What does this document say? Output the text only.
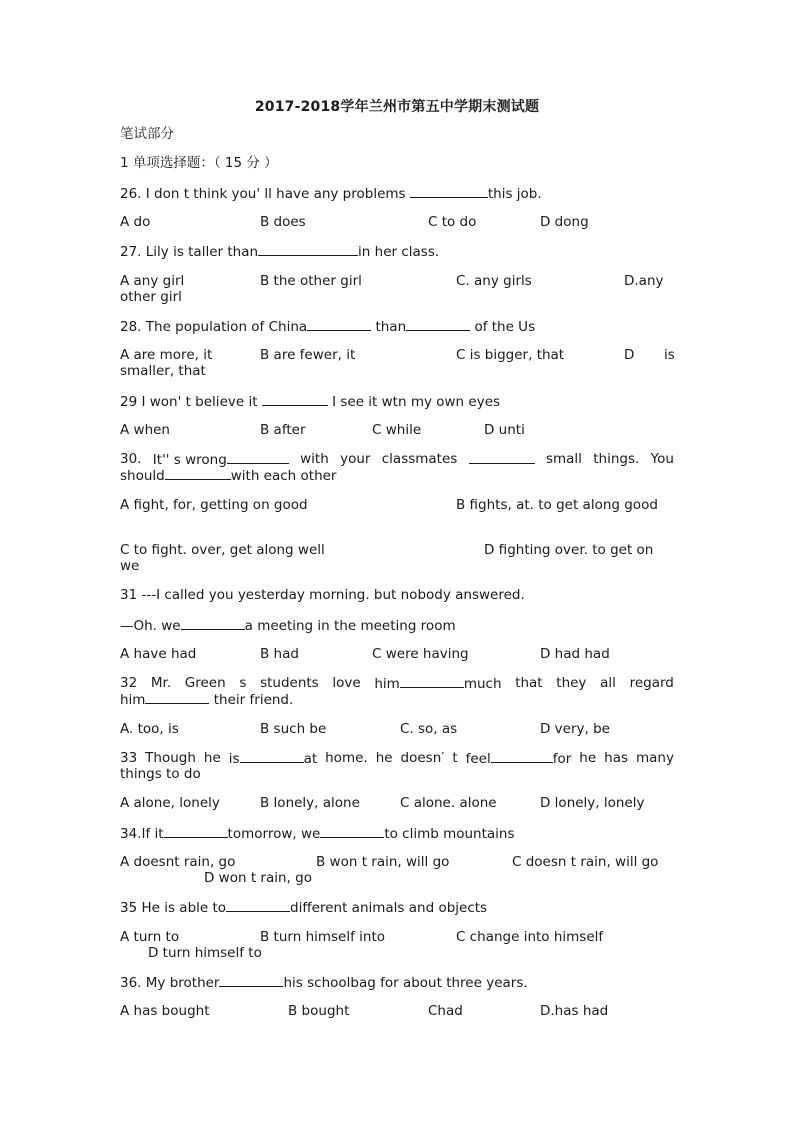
2017-2018学年兰州市第五中学期末测试题
笔试部分
1 单项选择题：（ 15 分 ）
26. I don t think you' ll have any problems	this job.
A do	B does	C to do	D dong
27. Lily is taller than	in her class.
A any girl	B the other girl	C. any girls	D.any
other girl
28. The population of China	than	of the Us
A are more, it	B are fewer, it	C is bigger, that	D is
smaller, that
29 I won' t believe it	I see it wtn my own eyes
A when	B after	C while	D unti
30. It'' s wrong	with your classmates	small things. You
should	with each other
A fight, for, getting on good	B fights, at. to get along good
C to fight. over, get along well	D fighting over. to get on
we
31 ---I called you yesterday morning. but nobody answered.
—Oh. we	a meeting in the meeting room
A have had	B had	C were having	D had had
32 Mr. Green s students love him	much that they all regard
him	their friend.
A. too, is	B such be	C. so, as	D very, be
33 Though he is	at home. he doesn′ t feel	for he has many
things to do
A alone, lonely	B lonely, alone	C alone. alone	D lonely, lonely
34.If it	tomorrow, we	to climb mountains
A doesnt rain, go	B won t rain, will go	C doesn t rain, will go
D won t rain, go
35 He is able to	different animals and objects
A turn to	B turn himself into	C change into himself
D turn himself to
36. My brother	his schoolbag for about three years.
A has bought	B bought	Chad	D.has had
